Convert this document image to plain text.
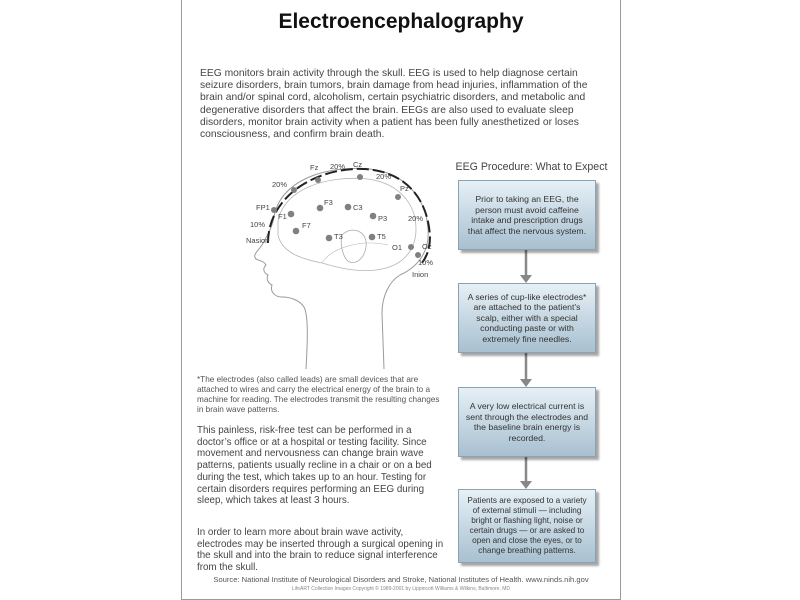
Electroencephalography
EEG monitors brain activity through the skull. EEG is used to help diagnose certain seizure disorders, brain tumors, brain damage from head injuries, inflammation of the brain and/or spinal cord, alcoholism, certain psychiatric disorders, and metabolic and degenerative disorders that affect the brain. EEGs are also used to evaluate sleep disorders, monitor brain activity when a patient has been fully anesthetized or loses consciousness, and confirm brain death.
Fz	Cz
Pz
FP1
F3
F1
F7
C3
P3
T3	T5
O1	Oz
Nasion
Inion
20%
20%
20%
20%
10%
10%
*The electrodes (also called leads) are small devices that are attached to wires and carry the electrical energy of the brain to a machine for reading. The electrodes transmit the resulting changes in brain wave patterns.
This painless, risk-free test can be performed in a doctor’s office or at a hospital or testing facility. Since movement and nervousness can change brain wave patterns, patients usually recline in a chair or on a bed during the test, which takes up to an hour. Testing for certain disorders requires performing an EEG during sleep, which takes at least 3 hours.
In order to learn more about brain wave activity, electrodes may be inserted through a surgical opening in the skull and into the brain to reduce signal interference from the skull.
EEG Procedure: What to Expect
Prior to taking an EEG, the person must avoid caffeine intake and prescription drugs that affect the nervous system.
A series of cup-like electrodes* are attached to the patient’s scalp, either with a special conducting paste or with extremely fine needles.
A very low electrical current is sent through the electrodes and the baseline brain energy is recorded.
Patients are exposed to a variety of external stimuli — including bright or flashing light, noise or certain drugs — or are asked to open and close the eyes, or to change breathing patterns.
Source: National Institute of Neurological Disorders and Stroke, National Institutes of Health. www.ninds.nih.gov
LifeART Collection Images Copyright © 1989-2001 by Lippincott Williams & Wilkins, Baltimore, MD
